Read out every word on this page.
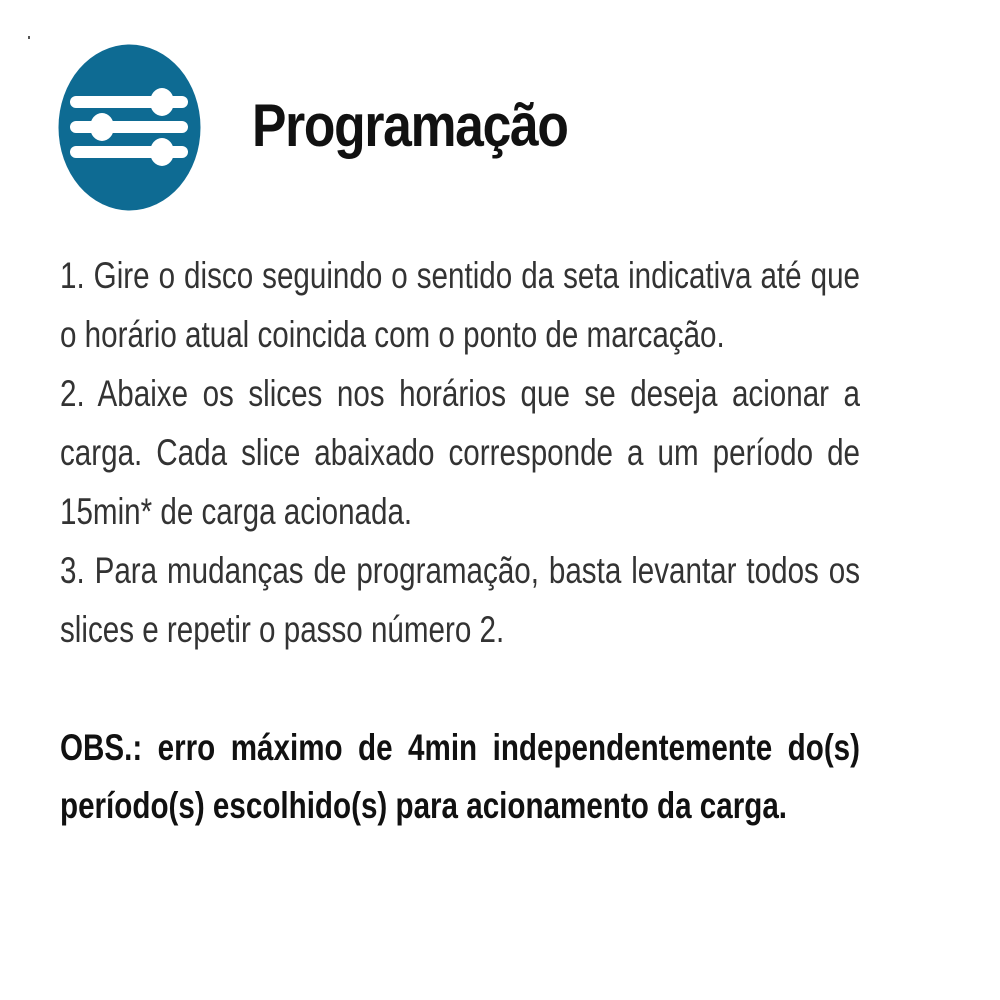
Programação

1. Gire o disco seguindo o sentido da seta indicativa até que o horário atual coincida com o ponto de marcação.

2. Abaixe os slices nos horários que se deseja acionar a carga. Cada slice abaixado corresponde a um período de 15min* de carga acionada.

3. Para mudanças de programação, basta levantar todos os slices e repetir o passo número 2.

OBS.: erro máximo de 4min independentemente do(s) período(s) escolhido(s) para acionamento da carga.
